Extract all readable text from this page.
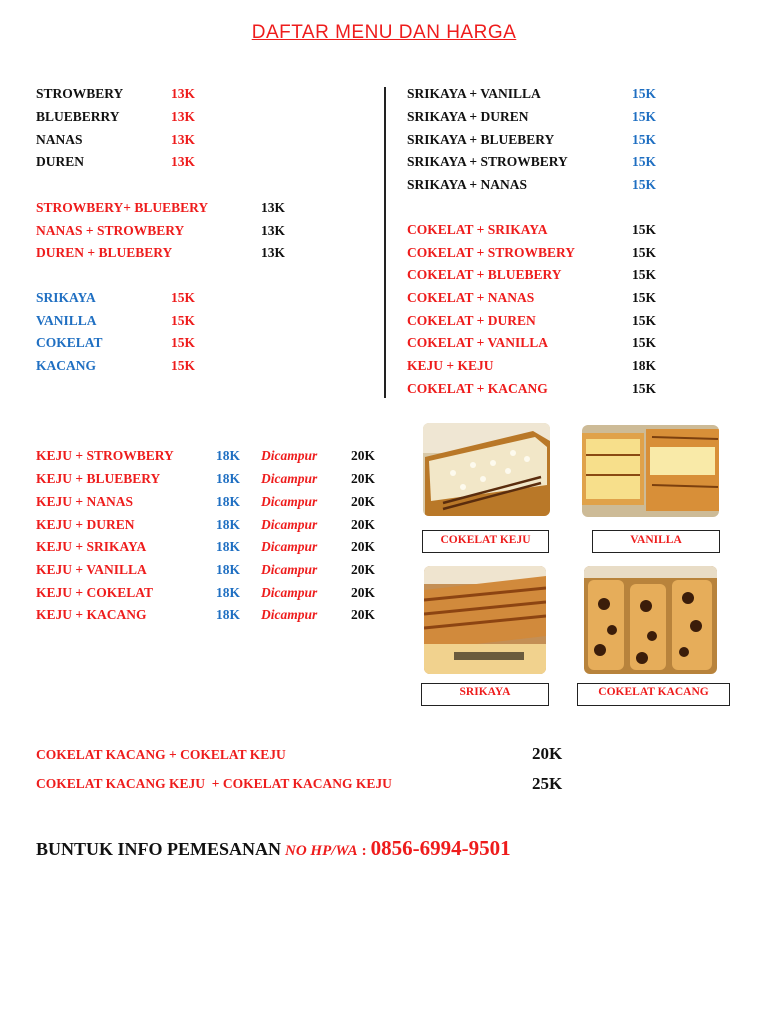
DAFTAR MENU DAN HARGA
STROWBERY	13K
BLUEBERRY	13K
NANAS	13K
DUREN	13K
STROWBERY+ BLUEBERY	13K
NANAS + STROWBERY	13K
DUREN + BLUEBERY	13K
SRIKAYA	15K
VANILLA	15K
COKELAT	15K
KACANG	15K
SRIKAYA + VANILLA	15K
SRIKAYA + DUREN	15K
SRIKAYA + BLUEBERY	15K
SRIKAYA + STROWBERY	15K
SRIKAYA + NANAS	15K
COKELAT + SRIKAYA	15K
COKELAT + STROWBERY	15K
COKELAT + BLUEBERY	15K
COKELAT + NANAS	15K
COKELAT + DUREN	15K
COKELAT + VANILLA	15K
KEJU + KEJU	18K
COKELAT + KACANG	15K
KEJU + STROWBERY	18K Dicampur 20K
KEJU + BLUEBERY	18K Dicampur 20K
KEJU + NANAS	18K Dicampur 20K
KEJU + DUREN	18K Dicampur 20K
KEJU + SRIKAYA	18K Dicampur 20K
KEJU + VANILLA	18K Dicampur 20K
KEJU + COKELAT	18K Dicampur 20K
KEJU + KACANG	18K Dicampur 20K
COKELAT KEJU	VANILLA
SRIKAYA	COKELAT KACANG
COKELAT KACANG + COKELAT KEJU	20K
COKELAT KACANG KEJU  + COKELAT KACANG KEJU	25K
BUNTUK INFO PEMESANAN NO HP/WA : 0856-6994-9501
